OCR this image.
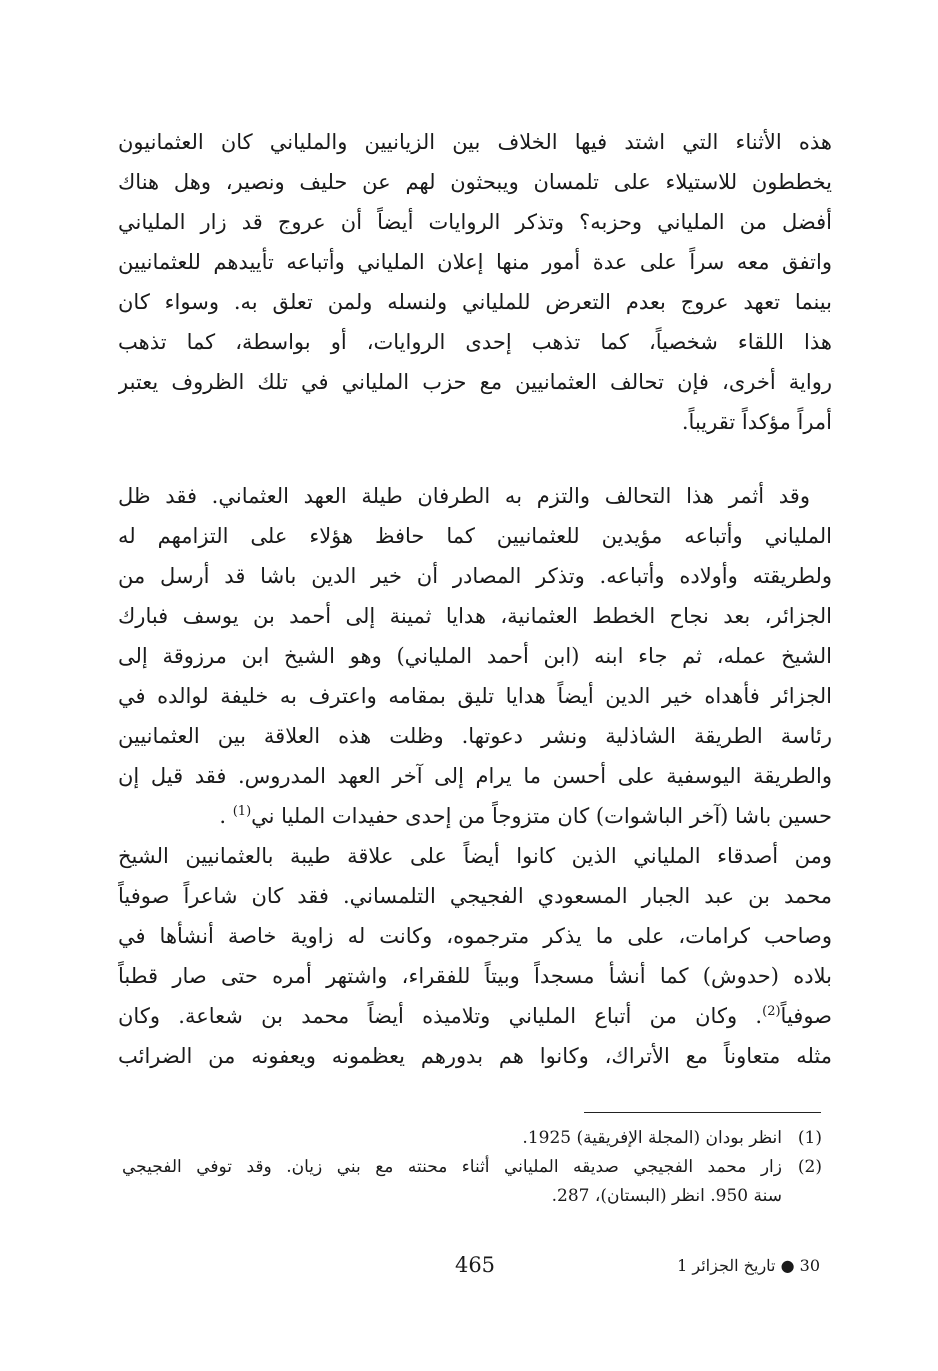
هذه الأثناء التي اشتد فيها الخلاف بين الزيانيين والملياني كان العثمانيون
يخططون للاستيلاء على تلمسان ويبحثون لهم عن حليف ونصير، وهل هناك
أفضل من الملياني وحزبه؟ وتذكر الروايات أيضاً أن عروج قد زار الملياني
واتفق معه سراً على عدة أمور منها إعلان الملياني وأتباعه تأييدهم للعثمانيين
بينما تعهد عروج بعدم التعرض للملياني ولنسله ولمن تعلق به. وسواء كان
هذا اللقاء شخصياً، كما تذهب إحدى الروايات، أو بواسطة، كما تذهب
رواية أخرى، فإن تحالف العثمانيين مع حزب الملياني في تلك الظروف يعتبر
أمراً مؤكداً تقريباً.
وقد أثمر هذا التحالف والتزم به الطرفان طيلة العهد العثماني. فقد ظل
الملياني وأتباعه مؤيدين للعثمانيين كما حافظ هؤلاء على التزامهم له
ولطريقته وأولاده وأتباعه. وتذكر المصادر أن خير الدين باشا قد أرسل من
الجزائر، بعد نجاح الخطط العثمانية، هدايا ثمينة إلى أحمد بن يوسف فبارك
الشيخ عمله، ثم جاء ابنه (ابن أحمد الملياني) وهو الشيخ ابن مرزوقة إلى
الجزائر فأهداه خير الدين أيضاً هدايا تليق بمقامه واعترف به خليفة لوالده في
رئاسة الطريقة الشاذلية ونشر دعوتها. وظلت هذه العلاقة بين العثمانيين
والطريقة اليوسفية على أحسن ما يرام إلى آخر العهد المدروس. فقد قيل إن
حسين باشا (آخر الباشوات) كان متزوجاً من إحدى حفيدات المليا ني$^{(1)}$ .
ومن أصدقاء الملياني الذين كانوا أيضاً على علاقة طيبة بالعثمانيين الشيخ
محمد بن عبد الجبار المسعودي الفجيجي التلمساني. فقد كان شاعراً صوفياً
وصاحب كرامات، على ما يذكر مترجموه، وكانت له زاوية خاصة أنشأها في
بلاده (حدوش) كما أنشأ مسجداً وبيتاً للفقراء، واشتهر أمره حتى صار قطباً
صوفياً$^{(2)}$. وكان من أتباع الملياني وتلاميذه أيضاً محمد بن شعاعة. وكان
مثله متعاوناً مع الأتراك، وكانوا هم بدورهم يعظمونه ويعفونه من الضرائب
(1)
انظر بودان (المجلة الإفريقية) 1925.
(2)
زار محمد الفجيجي صديقه الملياني أثناء محنته مع بني زيان. وقد توفي الفجيجي
سنة 950. انظر (البستان)، 287.
465	30 ● تاريخ الجزائر 1
